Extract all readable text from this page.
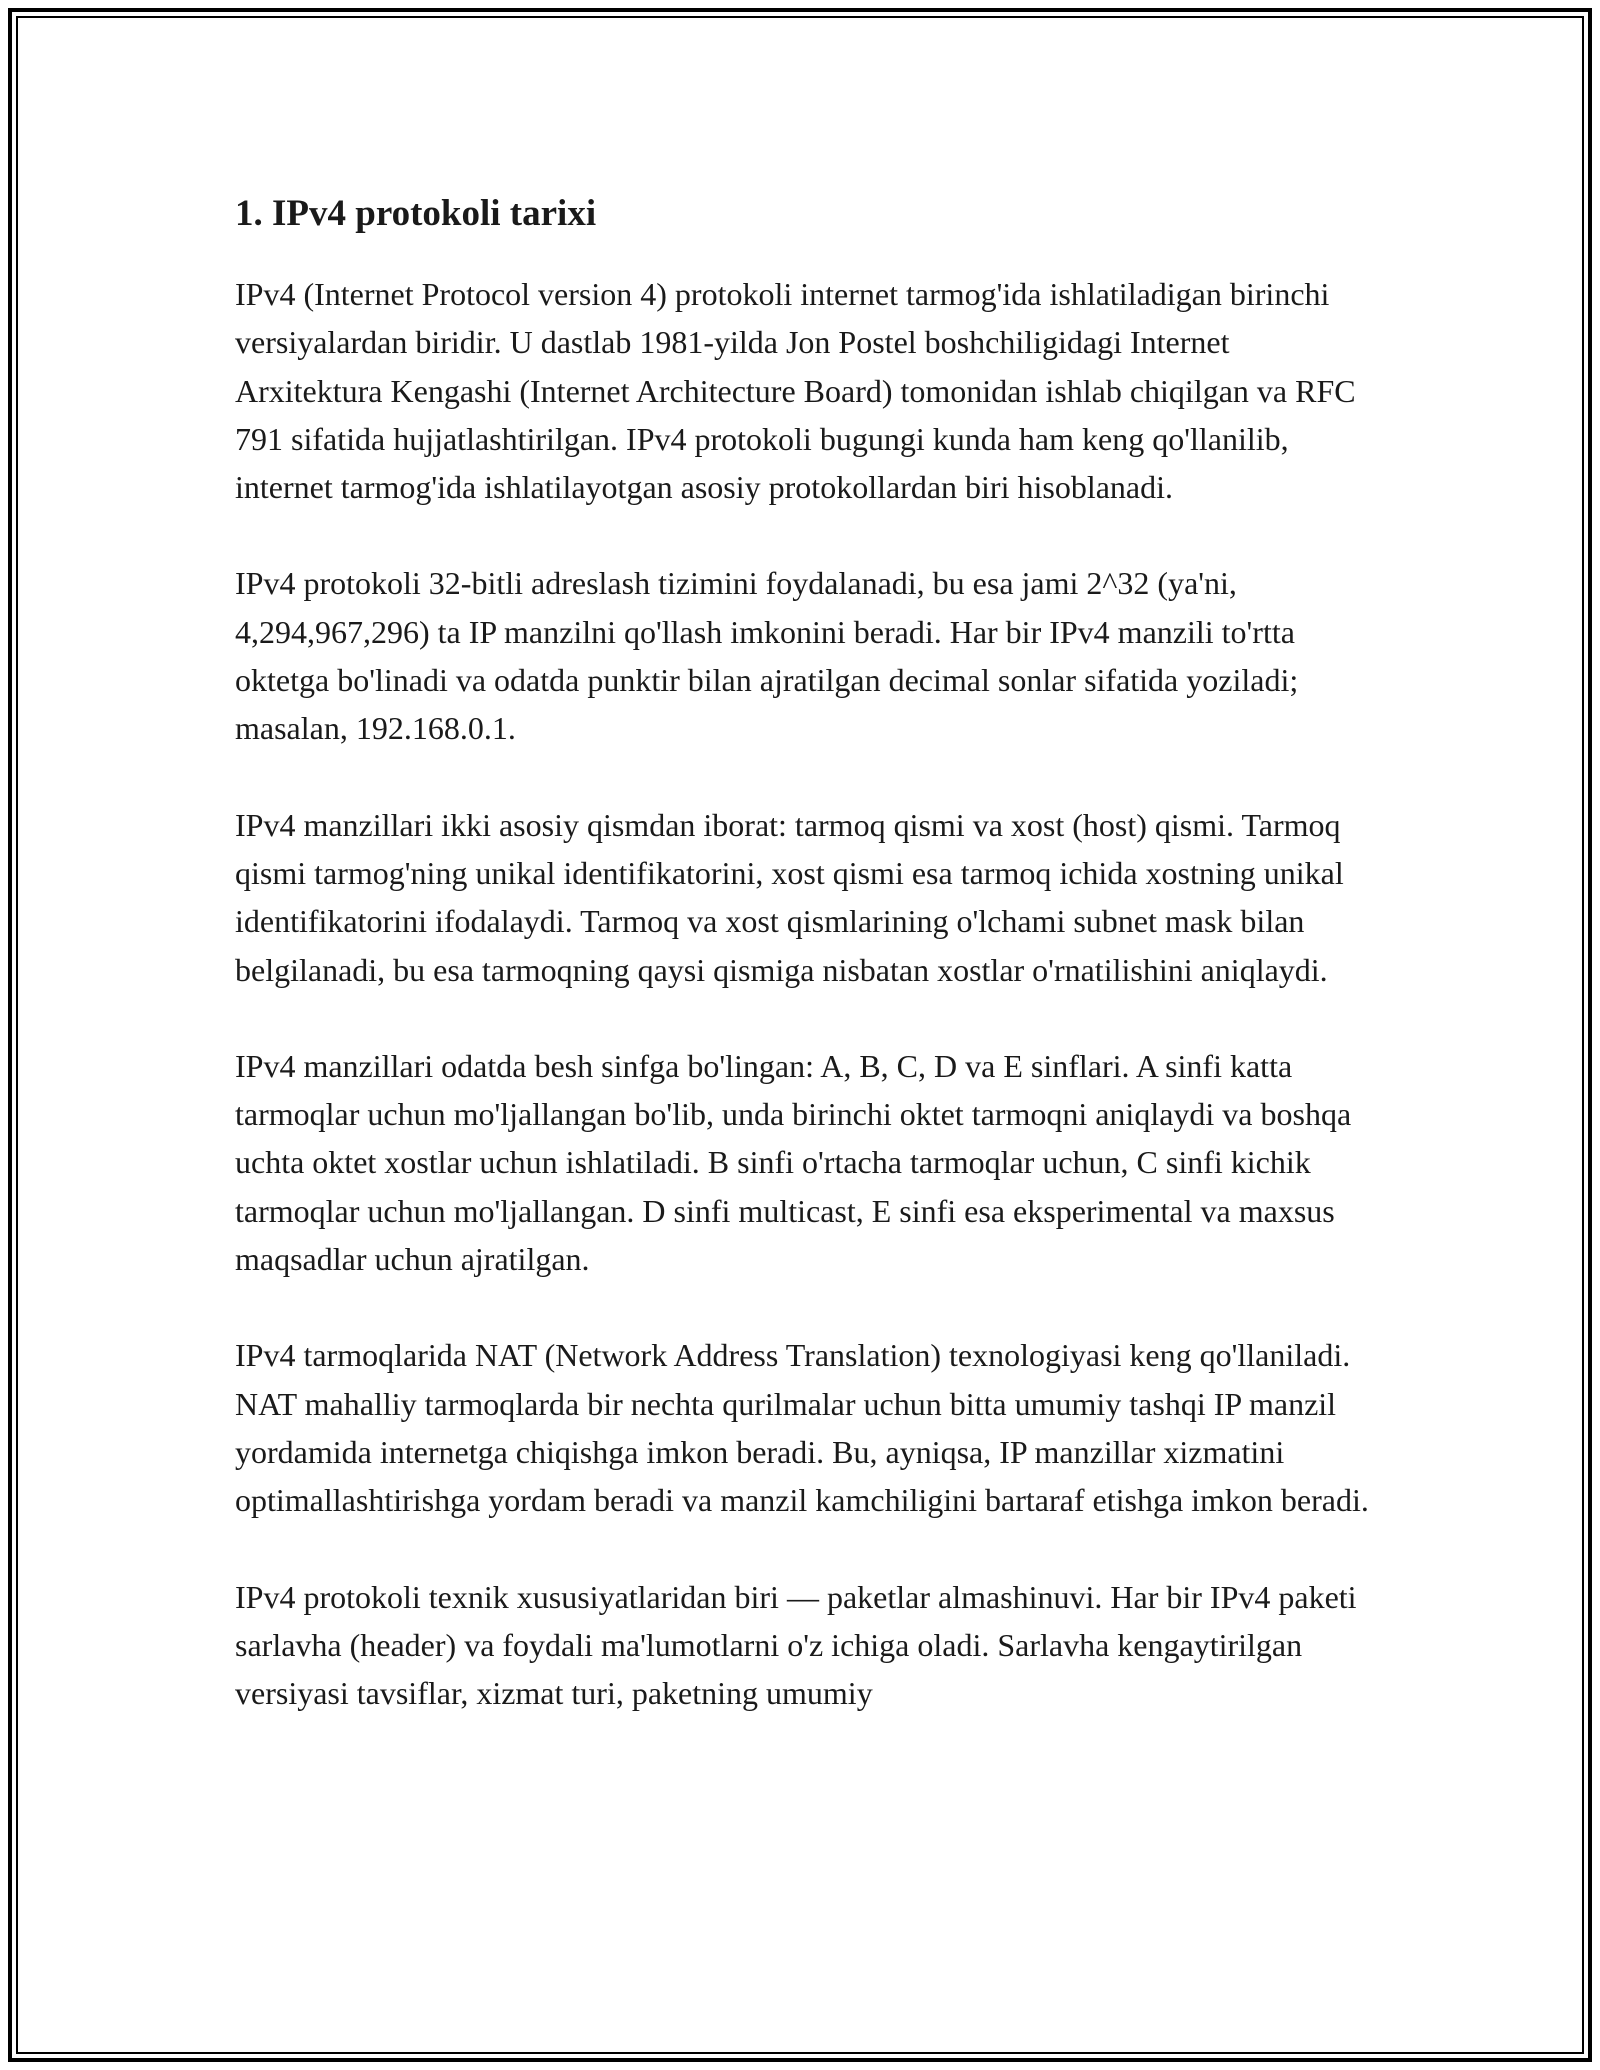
1. IPv4 protokoli tarixi

IPv4 (Internet Protocol version 4) protokoli internet tarmog'ida ishlatiladigan birinchi versiyalardan biridir. U dastlab 1981-yilda Jon Postel boshchiligidagi Internet Arxitektura Kengashi (Internet Architecture Board) tomonidan ishlab chiqilgan va RFC 791 sifatida hujjatlashtirilgan. IPv4 protokoli bugungi kunda ham keng qo'llanilib, internet tarmog'ida ishlatilayotgan asosiy protokollardan biri hisoblanadi.

IPv4 protokoli 32-bitli adreslash tizimini foydalanadi, bu esa jami 2^32 (ya'ni, 4,294,967,296) ta IP manzilni qo'llash imkonini beradi. Har bir IPv4 manzili to'rtta oktetga bo'linadi va odatda punktir bilan ajratilgan decimal sonlar sifatida yoziladi; masalan, 192.168.0.1.

IPv4 manzillari ikki asosiy qismdan iborat: tarmoq qismi va xost (host) qismi. Tarmoq qismi tarmog'ning unikal identifikatorini, xost qismi esa tarmoq ichida xostning unikal identifikatorini ifodalaydi. Tarmoq va xost qismlarining o'lchami subnet mask bilan belgilanadi, bu esa tarmoqning qaysi qismiga nisbatan xostlar o'rnatilishini aniqlaydi.

IPv4 manzillari odatda besh sinfga bo'lingan: A, B, C, D va E sinflari. A sinfi katta tarmoqlar uchun mo'ljallangan bo'lib, unda birinchi oktet tarmoqni aniqlaydi va boshqa uchta oktet xostlar uchun ishlatiladi. B sinfi o'rtacha tarmoqlar uchun, C sinfi kichik tarmoqlar uchun mo'ljallangan. D sinfi multicast, E sinfi esa eksperimental va maxsus maqsadlar uchun ajratilgan.

IPv4 tarmoqlarida NAT (Network Address Translation) texnologiyasi keng qo'llaniladi. NAT mahalliy tarmoqlarda bir nechta qurilmalar uchun bitta umumiy tashqi IP manzil yordamida internetga chiqishga imkon beradi. Bu, ayniqsa, IP manzillar xizmatini optimallashtirishga yordam beradi va manzil kamchiligini bartaraf etishga imkon beradi.

IPv4 protokoli texnik xususiyatlaridan biri — paketlar almashinuvi. Har bir IPv4 paketi sarlavha (header) va foydali ma'lumotlarni o'z ichiga oladi. Sarlavha kengaytirilgan versiyasi tavsiflar, xizmat turi, paketning umumiy
